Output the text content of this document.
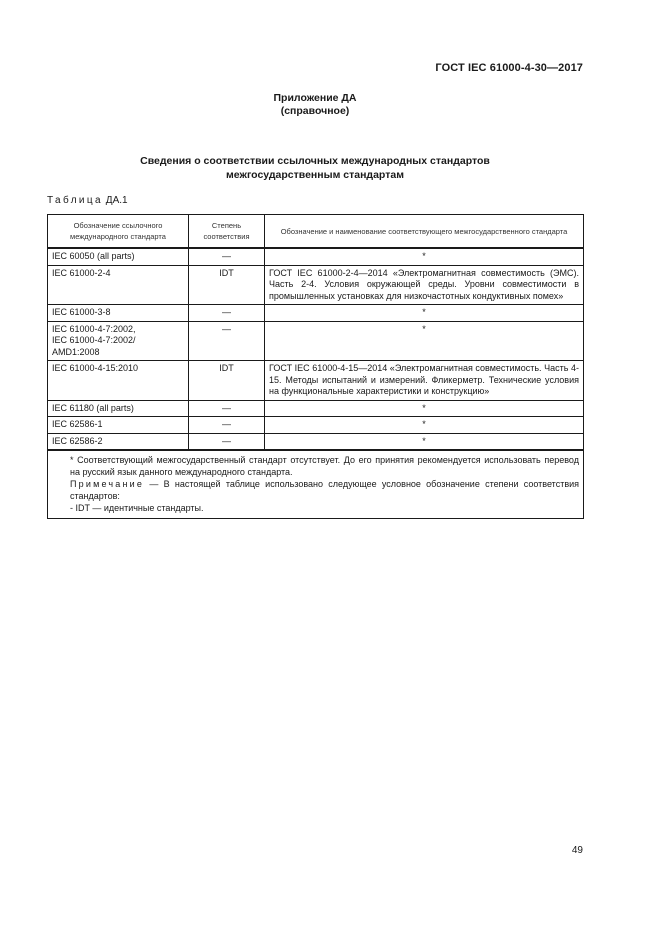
ГОСТ IEC 61000-4-30—2017
Приложение ДА
(справочное)
Сведения о соответствии ссылочных международных стандартов
межгосударственным стандартам
Таблица ДА.1
Обозначение ссылочного международного стандарта	Степень соответствия	Обозначение и наименование соответствующего межгосударственного стандарта
IEC 60050 (all parts)	—	*
IEC 61000-2-4	IDT	ГОСТ IEC 61000-2-4—2014 «Электромагнитная совместимость (ЭМС). Часть 2-4. Условия окружающей среды. Уровни совместимости в промышленных установках для низкочастотных кондуктивных помех»
IEC 61000-3-8	—	*
IEC 61000-4-7:2002,
IEC 61000-4-7:2002/
AMD1:2008	—	*
IEC 61000-4-15:2010	IDT	ГОСТ IEC 61000-4-15—2014 «Электромагнитная совместимость. Часть 4-15. Методы испытаний и измерений. Фликерметр. Технические условия на функциональные характеристики и конструкцию»
IEC 61180 (all parts)	—	*
IEC 62586-1	—	*
IEC 62586-2	—	*

* Соответствующий межгосударственный стандарт отсутствует. До его принятия рекомендуется использовать перевод на русский язык данного международного стандарта.
Примечание — В настоящей таблице использовано следующее условное обозначение степени соответствия стандартов:
- IDT — идентичные стандарты.		
49
